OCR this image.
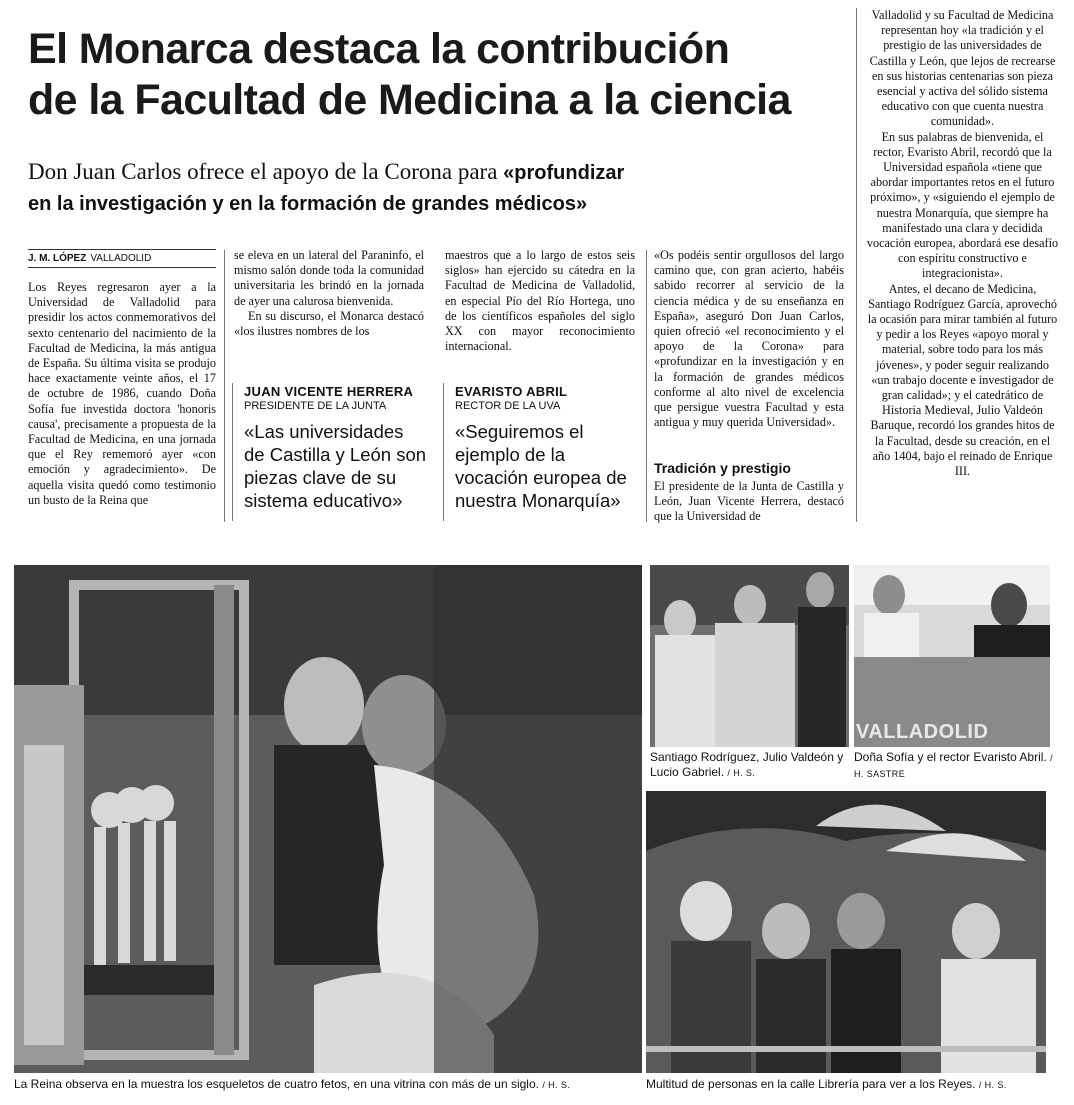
El Monarca destaca la contribución
de la Facultad de Medicina a la ciencia
Don Juan Carlos ofrece el apoyo de la Corona para «profundizar
en la investigación y en la formación de grandes médicos»
J. M. LÓPEZ VALLADOLID

Los Reyes regresaron ayer a la Universidad de Valladolid para presidir los actos conmemorativos del sexto centenario del nacimiento de la Facultad de Medicina, la más antigua de España. Su última visita se produjo hace exactamente veinte años, el 17 de octubre de 1986, cuando Doña Sofía fue investida doctora 'honoris causa', precisamente a propuesta de la Facultad de Medicina, en una jornada que el Rey rememoró ayer «con emoción y agradecimiento». De aquella visita quedó como testimonio un busto de la Reina que

se eleva en un lateral del Paraninfo, el mismo salón donde toda la comunidad universitaria les brindó en la jornada de ayer una calurosa bienvenida.

En su discurso, el Monarca destacó «los ilustres nombres de los

maestros que a lo largo de estos seis siglos» han ejercido su cátedra en la Facultad de Medicina de Valladolid, en especial Pío del Río Hortega, uno de los científicos españoles del siglo XX con mayor reconocimiento internacional.

JUAN VICENTE HERRERA
PRESIDENTE DE LA JUNTA
«Las universidades de Castilla y León son piezas clave de su sistema educativo»
EVARISTO ABRIL
RECTOR DE LA UVA
«Seguiremos el ejemplo de la vocación europea de nuestra Monarquía»

«Os podéis sentir orgullosos del largo camino que, con gran acierto, habéis sabido recorrer al servicio de la ciencia médica y de su enseñanza en España», aseguró Don Juan Carlos, quien ofreció «el reconocimiento y el apoyo de la Corona» para «profundizar en la investigación y en la formación de grandes médicos conforme al alto nivel de excelencia que persigue vuestra Facultad y esta antigua y muy querida Universidad».

Tradición y prestigio

El presidente de la Junta de Castilla y León, Juan Vicente Herrera, destacó que la Universidad de

Valladolid y su Facultad de Medicina representan hoy «la tradición y el prestigio de las universidades de Castilla y León, que lejos de recrearse en sus historias centenarias son pieza esencial y activa del sólido sistema educativo con que cuenta nuestra comunidad».

En sus palabras de bienvenida, el rector, Evaristo Abril, recordó que la Universidad española «tiene que abordar importantes retos en el futuro próximo», y «siguiendo el ejemplo de nuestra Monarquía, que siempre ha manifestado una clara y decidida vocación europea, abordará ese desafío con espíritu constructivo e integracionista».

Antes, el decano de Medicina, Santiago Rodríguez García, aprovechó la ocasión para mirar también al futuro y pedir a los Reyes «apoyo moral y material, sobre todo para los más jóvenes», y poder seguir realizando «un trabajo docente e investigador de gran calidad»; y el catedrático de Historia Medieval, Julio Valdeón Baruque, recordó los grandes hitos de la Facultad, desde su creación, en el año 1404, bajo el reinado de Enrique III.

La Reina observa en la muestra los esqueletos de cuatro fetos, en una vitrina con más de un siglo. / H. S.
Santiago Rodríguez, Julio Valdeón y Lucio Gabriel. / H. S.
VALLADOLID
Doña Sofía y el rector Evaristo Abril. / H. SASTRE
Multitud de personas en la calle Librería para ver a los Reyes. / H. S.
